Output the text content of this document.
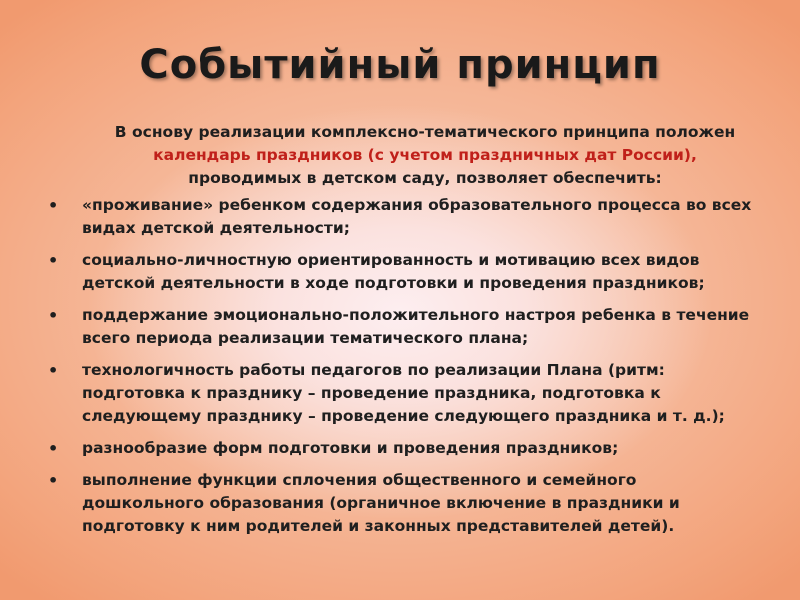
Событийный принцип
В основу реализации комплексно-тематического принципа положен
календарь праздников (с учетом праздничных дат России),
проводимых в детском саду, позволяет обеспечить:
• «проживание» ребенком содержания образовательного процесса во всех видах детской деятельности;
• социально-личностную ориентированность и мотивацию всех видов детской деятельности в ходе подготовки и проведения праздников;
• поддержание эмоционально-положительного настроя ребенка в течение всего периода реализации тематического плана;
• технологичность работы педагогов по реализации Плана (ритм: подготовка к празднику – проведение праздника, подготовка к следующему празднику – проведение следующего праздника и т. д.);
• разнообразие форм подготовки и проведения праздников;
• выполнение функции сплочения общественного и семейного дошкольного образования (органичное включение в праздники и подготовку к ним родителей и законных представителей детей).
